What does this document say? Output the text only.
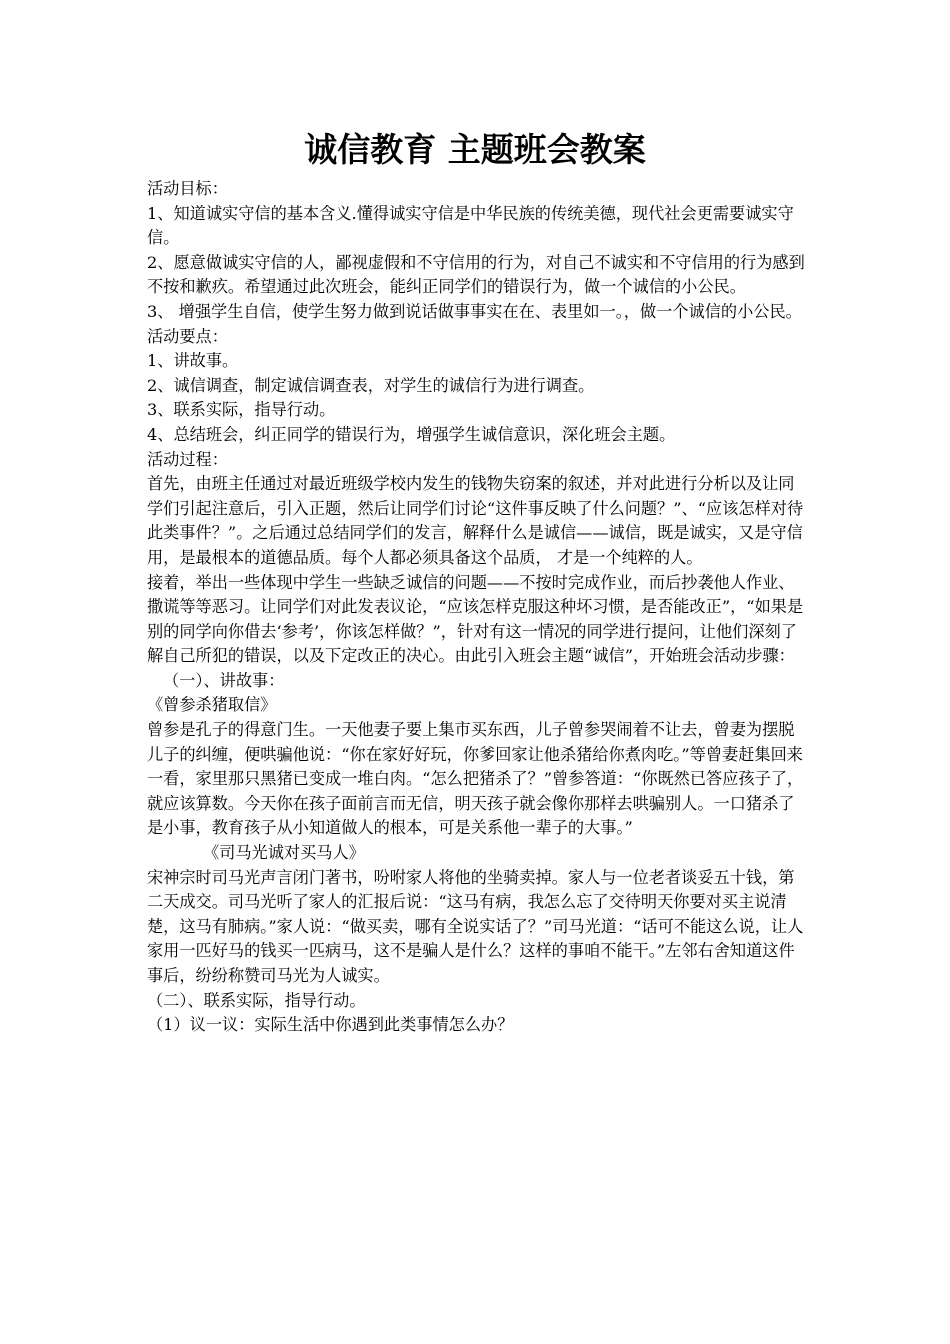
诚信教育 主题班会教案

活动目标：

1、知道诚实守信的基本含义.懂得诚实守信是中华民族的传统美德，现代社会更需要诚实守信。

2、愿意做诚实守信的人，鄙视虚假和不守信用的行为，对自己不诚实和不守信用的行为感到不按和歉疚。希望通过此次班会，能纠正同学们的错误行为，做一个诚信的小公民。

3、 增强学生自信，使学生努力做到说话做事事实在在、表里如一。，做一个诚信的小公民。

活动要点：

1、讲故事。

2、诚信调查，制定诚信调查表，对学生的诚信行为进行调查。

3、联系实际，指导行动。

4、总结班会，纠正同学的错误行为，增强学生诚信意识，深化班会主题。

活动过程：

首先，由班主任通过对最近班级学校内发生的钱物失窃案的叙述，并对此进行分析以及让同学们引起注意后，引入正题，然后让同学们讨论“这件事反映了什么问题？”、“应该怎样对待此类事件？”。之后通过总结同学们的发言，解释什么是诚信——诚信，既是诚实，又是守信用，是最根本的道德品质。每个人都必须具备这个品质， 才是一个纯粹的人。

接着，举出一些体现中学生一些缺乏诚信的问题——不按时完成作业，而后抄袭他人作业、撒谎等等恶习。让同学们对此发表议论，“应该怎样克服这种坏习惯，是否能改正”，“如果是别的同学向你借去‘参考’，你该怎样做？”，针对有这一情况的同学进行提问，让他们深刻了解自己所犯的错误，以及下定改正的决心。由此引入班会主题“诚信”，开始班会活动步骤：

（一）、讲故事：

《曾参杀猪取信》

曾参是孔子的得意门生。一天他妻子要上集市买东西，儿子曾参哭闹着不让去，曾妻为摆脱儿子的纠缠，便哄骗他说：“你在家好好玩，你爹回家让他杀猪给你煮肉吃。”等曾妻赶集回来一看，家里那只黑猪已变成一堆白肉。“怎么把猪杀了？”曾参答道：“你既然已答应孩子了，就应该算数。今天你在孩子面前言而无信，明天孩子就会像你那样去哄骗别人。一口猪杀了是小事，教育孩子从小知道做人的根本，可是关系他一辈子的大事。”

《司马光诚对买马人》

宋神宗时司马光声言闭门著书，吩咐家人将他的坐骑卖掉。家人与一位老者谈妥五十钱，第二天成交。司马光听了家人的汇报后说：“这马有病，我怎么忘了交待明天你要对买主说清楚，这马有肺病。”家人说：“做买卖，哪有全说实话了？”司马光道：“话可不能这么说，让人家用一匹好马的钱买一匹病马，这不是骗人是什么？这样的事咱不能干。”左邻右舍知道这件事后，纷纷称赞司马光为人诚实。

（二）、联系实际，指导行动。

（1）议一议：实际生活中你遇到此类事情怎么办？
